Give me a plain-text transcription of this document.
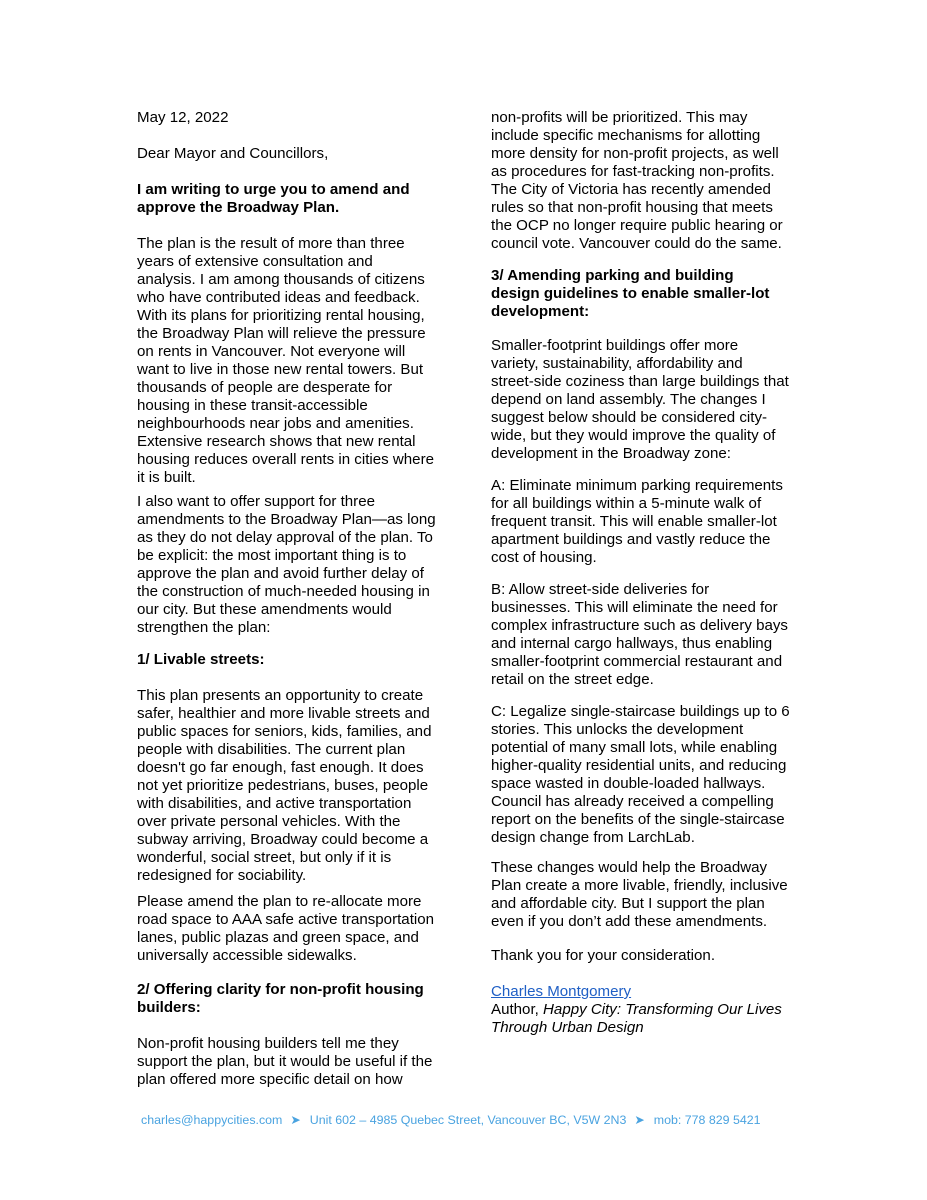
May 12, 2022

Dear Mayor and Councillors,

I am writing to urge you to amend and
approve the Broadway Plan.

The plan is the result of more than three
years of extensive consultation and
analysis. I am among thousands of citizens
who have contributed ideas and feedback.
With its plans for prioritizing rental housing,
the Broadway Plan will relieve the pressure
on rents in Vancouver. Not everyone will
want to live in those new rental towers. But
thousands of people are desperate for
housing in these transit-accessible
neighbourhoods near jobs and amenities.
Extensive research shows that new rental
housing reduces overall rents in cities where
it is built.

I also want to offer support for three
amendments to the Broadway Plan—as long
as they do not delay approval of the plan. To
be explicit: the most important thing is to
approve the plan and avoid further delay of
the construction of much-needed housing in
our city. But these amendments would
strengthen the plan:

1/ Livable streets:

This plan presents an opportunity to create
safer, healthier and more livable streets and
public spaces for seniors, kids, families, and
people with disabilities. The current plan
doesn't go far enough, fast enough. It does
not yet prioritize pedestrians, buses, people
with disabilities, and active transportation
over private personal vehicles. With the
subway arriving, Broadway could become a
wonderful, social street, but only if it is
redesigned for sociability.

Please amend the plan to re-allocate more
road space to AAA safe active transportation
lanes, public plazas and green space, and
universally accessible sidewalks.

2/ Offering clarity for non-profit housing
builders:

Non-profit housing builders tell me they
support the plan, but it would be useful if the
plan offered more specific detail on how

non-profits will be prioritized. This may
include specific mechanisms for allotting
more density for non-profit projects, as well
as procedures for fast-tracking non-profits.
The City of Victoria has recently amended
rules so that non-profit housing that meets
the OCP no longer require public hearing or
council vote. Vancouver could do the same.

3/ Amending parking and building
design guidelines to enable smaller-lot
development:

Smaller-footprint buildings offer more
variety, sustainability, affordability and
street-side coziness than large buildings that
depend on land assembly. The changes I
suggest below should be considered city-
wide, but they would improve the quality of
development in the Broadway zone:

A: Eliminate minimum parking requirements
for all buildings within a 5-minute walk of
frequent transit. This will enable smaller-lot
apartment buildings and vastly reduce the
cost of housing.

B: Allow street-side deliveries for
businesses. This will eliminate the need for
complex infrastructure such as delivery bays
and internal cargo hallways, thus enabling
smaller-footprint commercial restaurant and
retail on the street edge.

C: Legalize single-staircase buildings up to 6
stories. This unlocks the development
potential of many small lots, while enabling
higher-quality residential units, and reducing
space wasted in double-loaded hallways.
Council has already received a compelling
report on the benefits of the single-staircase
design change from LarchLab.

These changes would help the Broadway
Plan create a more livable, friendly, inclusive
and affordable city. But I support the plan
even if you don’t add these amendments.

Thank you for your consideration.

Charles Montgomery

Author, Happy City: Transforming Our Lives
Through Urban Design

charles@happycities.com ➤ Unit 602 – 4985 Quebec Street, Vancouver BC, V5W 2N3 ➤ mob: 778 829 5421
